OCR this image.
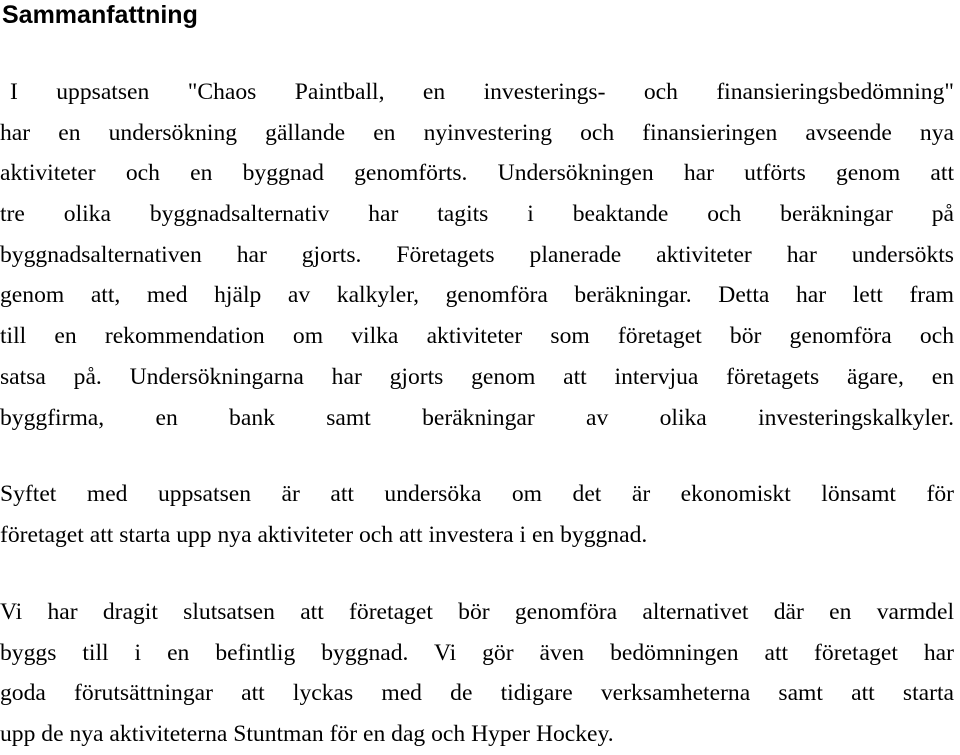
Sammanfattning
I uppsatsen "Chaos Paintball, en investerings- och finansieringsbedömning"
har en undersökning gällande en nyinvestering och finansieringen avseende nya
aktiviteter och en byggnad genomförts. Undersökningen har utförts genom att
tre olika byggnadsalternativ har tagits i beaktande och beräkningar på
byggnadsalternativen har gjorts. Företagets planerade aktiviteter har undersökts
genom att, med hjälp av kalkyler, genomföra beräkningar. Detta har lett fram
till en rekommendation om vilka aktiviteter som företaget bör genomföra och
satsa på. Undersökningarna har gjorts genom att intervjua företagets ägare, en
byggfirma, en bank samt beräkningar av olika investeringskalkyler.
Syftet med uppsatsen är att undersöka om det är ekonomiskt lönsamt för
företaget att starta upp nya aktiviteter och att investera i en byggnad.
Vi har dragit slutsatsen att företaget bör genomföra alternativet där en varmdel
byggs till i en befintlig byggnad. Vi gör även bedömningen att företaget har
goda förutsättningar att lyckas med de tidigare verksamheterna samt att starta
upp de nya aktiviteterna Stuntman för en dag och Hyper Hockey.
